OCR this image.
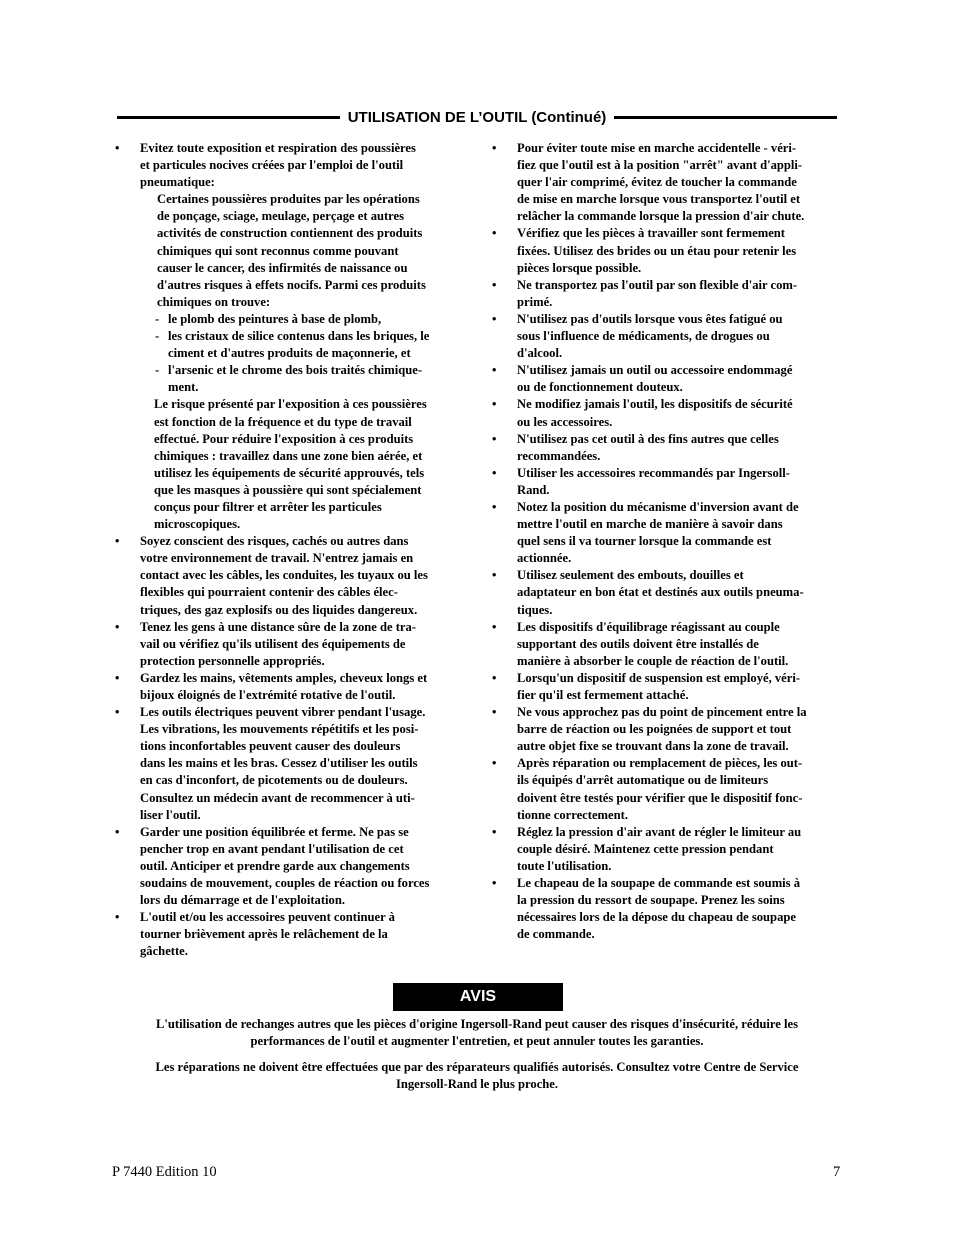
UTILISATION DE L’OUTIL (Continué)
• Evitez toute exposition et respiration des poussières
et particules nocives créées par l'emploi de l'outil
pneumatique:
Certaines poussières produites par les opérations
de ponçage, sciage, meulage, perçage et autres
activités de construction contiennent des produits
chimiques qui sont reconnus comme pouvant
causer le cancer, des infirmités de naissance ou
d'autres risques à effets nocifs. Parmi ces produits
chimiques on trouve:
- le plomb des peintures à base de plomb,
- les cristaux de silice contenus dans les briques, le
ciment et d'autres produits de maçonnerie, et
- l'arsenic et le chrome des bois traités chimique-
ment.
Le risque présenté par l'exposition à ces poussières
est fonction de la fréquence et du type de travail
effectué. Pour réduire l'exposition à ces produits
chimiques : travaillez dans une zone bien aérée, et
utilisez les équipements de sécurité approuvés, tels
que les masques à poussière qui sont spécialement
conçus pour filtrer et arrêter les particules
microscopiques.
• Soyez conscient des risques, cachés ou autres dans
votre environnement de travail. N'entrez jamais en
contact avec les câbles, les conduites, les tuyaux ou les
flexibles qui pourraient contenir des câbles élec-
triques, des gaz explosifs ou des liquides dangereux.
• Tenez les gens à une distance sûre de la zone de tra-
vail ou vérifiez qu'ils utilisent des équipements de
protection personnelle appropriés.
• Gardez les mains, vêtements amples, cheveux longs et
bijoux éloignés de l'extrémité rotative de l'outil.
• Les outils électriques peuvent vibrer pendant l'usage.
Les vibrations, les mouvements répétitifs et les posi-
tions inconfortables peuvent causer des douleurs
dans les mains et les bras. Cessez d'utiliser les outils
en cas d'inconfort, de picotements ou de douleurs.
Consultez un médecin avant de recommencer à uti-
liser l'outil.
• Garder une position équilibrée et ferme. Ne pas se
pencher trop en avant pendant l'utilisation de cet
outil. Anticiper et prendre garde aux changements
soudains de mouvement, couples de réaction ou forces
lors du démarrage et de l'exploitation.
• L'outil et/ou les accessoires peuvent continuer à
tourner brièvement après le relâchement de la
gâchette.
• Pour éviter toute mise en marche accidentelle - véri-
fiez que l'outil est à la position "arrêt" avant d'appli-
quer l'air comprimé, évitez de toucher la commande
de mise en marche lorsque vous transportez l'outil et
relâcher la commande lorsque la pression d'air chute.
• Vérifiez que les pièces à travailler sont fermement
fixées. Utilisez des brides ou un étau pour retenir les
pièces lorsque possible.
• Ne transportez pas l'outil par son flexible d'air com-
primé.
• N'utilisez pas d'outils lorsque vous êtes fatigué ou
sous l'influence de médicaments, de drogues ou
d'alcool.
• N'utilisez jamais un outil ou accessoire endommagé
ou de fonctionnement douteux.
• Ne modifiez jamais l'outil, les dispositifs de sécurité
ou les accessoires.
• N'utilisez pas cet outil à des fins autres que celles
recommandées.
• Utiliser les accessoires recommandés par Ingersoll-
Rand.
• Notez la position du mécanisme d'inversion avant de
mettre l'outil en marche de manière à savoir dans
quel sens il va tourner lorsque la commande est
actionnée.
• Utilisez seulement des embouts, douilles et
adaptateur en bon état et destinés aux outils pneuma-
tiques.
• Les dispositifs d'équilibrage réagissant au couple
supportant des outils doivent être installés de
manière à absorber le couple de réaction de l'outil.
• Lorsqu'un dispositif de suspension est employé, véri-
fier qu'il est fermement attaché.
• Ne vous approchez pas du point de pincement entre la
barre de réaction ou les poignées de support et tout
autre objet fixe se trouvant dans la zone de travail.
• Après réparation ou remplacement de pièces, les out-
ils équipés d'arrêt automatique ou de limiteurs
doivent être testés pour vérifier que le dispositif fonc-
tionne correctement.
• Réglez la pression d'air avant de régler le limiteur au
couple désiré. Maintenez cette pression pendant
toute l'utilisation.
• Le chapeau de la soupape de commande est soumis à
la pression du ressort de soupape. Prenez les soins
nécessaires lors de la dépose du chapeau de soupape
de commande.
AVIS
L'utilisation de rechanges autres que les pièces d'origine Ingersoll-Rand peut causer des risques d'insécurité, réduire les
performances de l'outil et augmenter l'entretien, et peut annuler toutes les garanties.
Les réparations ne doivent être effectuées que par des réparateurs qualifiés autorisés. Consultez votre Centre de Service
Ingersoll-Rand le plus proche.
P 7440 Edition 10	7
